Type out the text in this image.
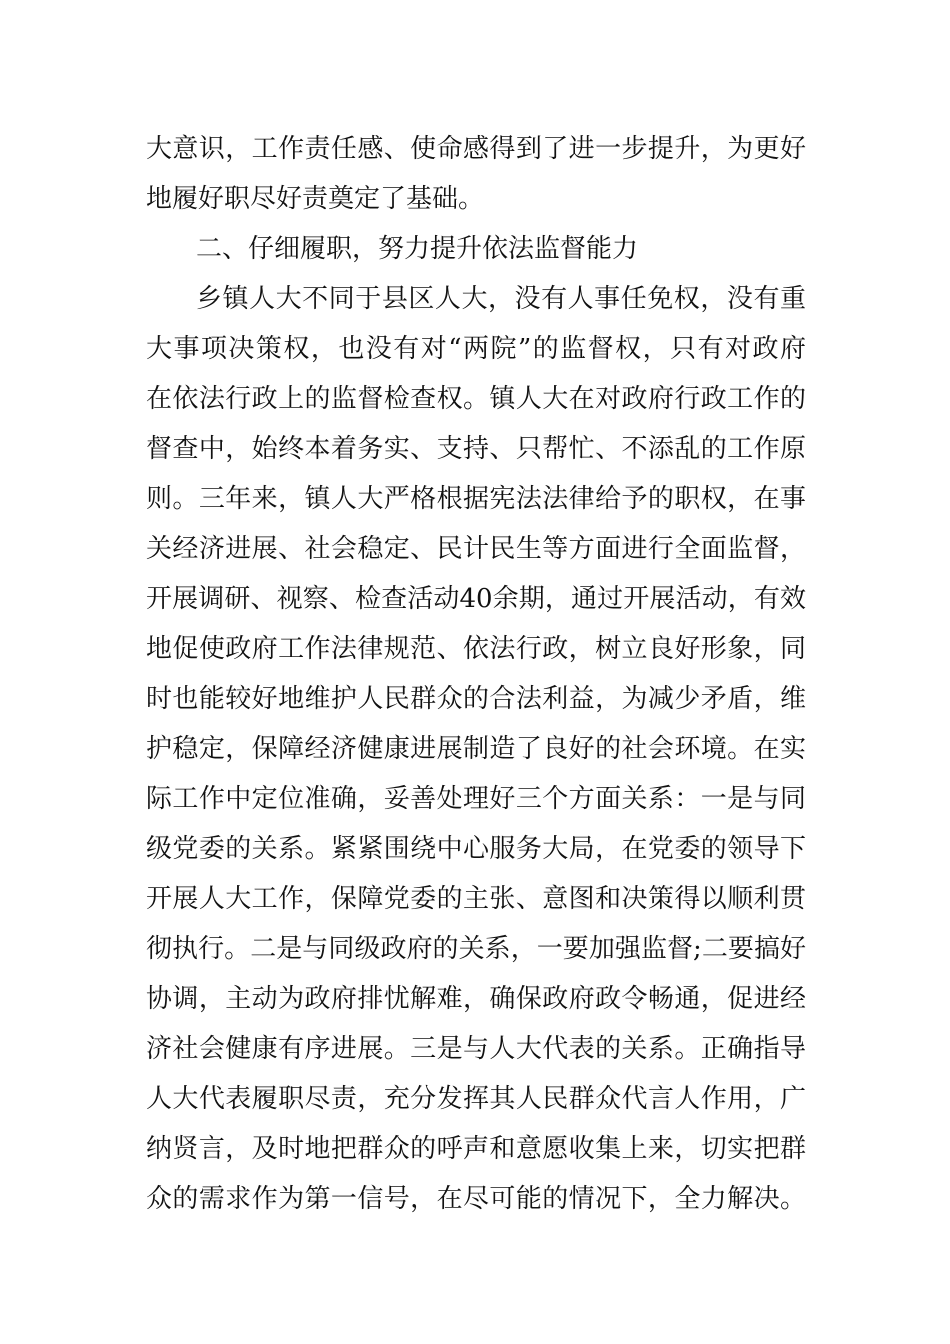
大意识，工作责任感、使命感得到了进一步提升，为更好
地履好职尽好责奠定了基础。
二、仔细履职，努力提升依法监督能力
乡镇人大不同于县区人大，没有人事任免权，没有重
大事项决策权，也没有对“两院”的监督权，只有对政府
在依法行政上的监督检查权。镇人大在对政府行政工作的
督查中，始终本着务实、支持、只帮忙、不添乱的工作原
则。三年来，镇人大严格根据宪法法律给予的职权，在事
关经济进展、社会稳定、民计民生等方面进行全面监督，
开展调研、视察、检查活动40余期，通过开展活动，有效
地促使政府工作法律规范、依法行政，树立良好形象，同
时也能较好地维护人民群众的合法利益，为减少矛盾，维
护稳定，保障经济健康进展制造了良好的社会环境。在实
际工作中定位准确，妥善处理好三个方面关系：一是与同
级党委的关系。紧紧围绕中心服务大局，在党委的领导下
开展人大工作，保障党委的主张、意图和决策得以顺利贯
彻执行。二是与同级政府的关系，一要加强监督;二要搞好
协调，主动为政府排忧解难，确保政府政令畅通，促进经
济社会健康有序进展。三是与人大代表的关系。正确指导
人大代表履职尽责，充分发挥其人民群众代言人作用，广
纳贤言，及时地把群众的呼声和意愿收集上来，切实把群
众的需求作为第一信号，在尽可能的情况下，全力解决。
